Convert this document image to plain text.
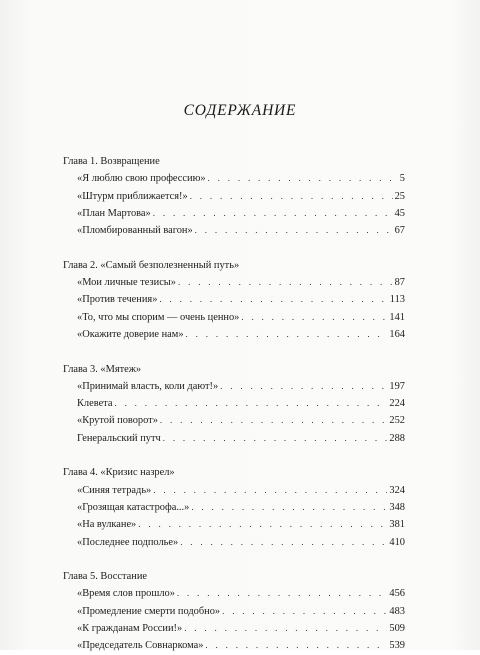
СОДЕРЖАНИЕ
Глава 1. Возвращение
«Я люблю свою профессию» . . .	5
«Штурм приближается!» . . .	25
«План Мартова» . . .	45
«Пломбированный вагон» . . .	67
Глава 2. «Самый безполезненный путь»
«Мои личные тезисы» . . .	87
«Против течения» . . .	113
«То, что мы спорим — очень ценно» . . .	141
«Окажите доверие нам» . . .	164
Глава 3. «Мятеж»
«Принимай власть, коли дают!» . . .	197
Клевета . . .	224
«Крутой поворот» . . .	252
Генеральский путч . . .	288
Глава 4. «Кризис назрел»
«Синяя тетрадь» . . .	324
«Грозящая катастрофа...» . . .	348
«На вулкане» . . .	381
«Последнее подполье» . . .	410
Глава 5. Восстание
«Время слов прошло» . . .	456
«Промедление смерти подобно» . . .	483
«К гражданам России!» . . .	509
«Председатель Совнаркома» . . .	539
